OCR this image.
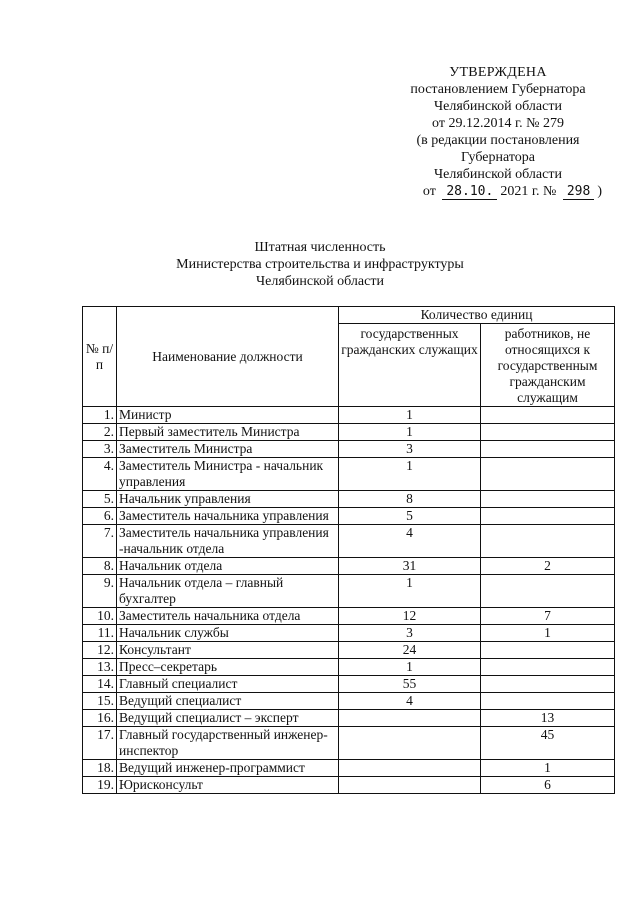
УТВЕРЖДЕНА
постановлением Губернатора
Челябинской области
от 29.12.2014 г. № 279
(в редакции постановления
Губернатора
Челябинской области
от 28.10. 2021 г. № 298 )
Штатная численность
Министерства строительства и инфраструктуры
Челябинской области
№ п/п	Наименование должности	Количество единиц	
		государственных гражданских служащих	работников, не относящихся к государственным гражданским служащим
1.	Министр	1	
2.	Первый заместитель Министра	1	
3.	Заместитель Министра	3	
4.	Заместитель Министра - начальник управления	1	
5.	Начальник управления	8	
6.	Заместитель начальника управления	5	
7.	Заместитель начальника управления -начальник отдела	4	
8.	Начальник отдела	31	2
9.	Начальник отдела – главный бухгалтер	1	
10.	Заместитель начальника отдела	12	7
11.	Начальник службы	3	1
12.	Консультант	24	
13.	Пресс–секретарь	1	
14.	Главный специалист	55	
15.	Ведущий специалист	4	
16.	Ведущий специалист – эксперт		13
17.	Главный государственный инженер-инспектор		45
18.	Ведущий инженер-программист		1
19.	Юрисконсульт		6
